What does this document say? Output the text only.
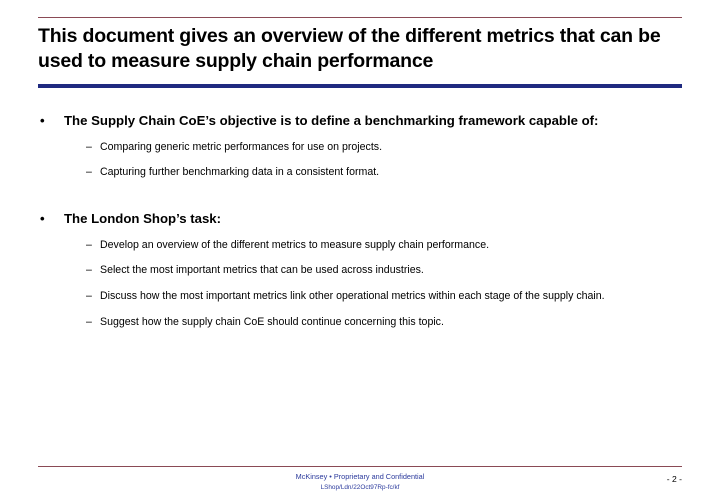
This document gives an overview of the different metrics that can be used to measure supply chain performance
• The Supply Chain CoE’s objective is to define a benchmarking framework capable of:
– Comparing generic metric performances for use on projects.
– Capturing further benchmarking data in a consistent format.
• The London Shop’s task:
– Develop an overview of the different metrics to measure supply chain performance.
– Select the most important metrics that can be used across industries.
– Discuss how the most important metrics link other operational metrics within each stage of the supply chain.
– Suggest how the supply chain CoE should continue concerning this topic.
McKinsey • Proprietary and Confidential
LShop/Ldn/22Oct97Rp-fc/kf
- 2 -
